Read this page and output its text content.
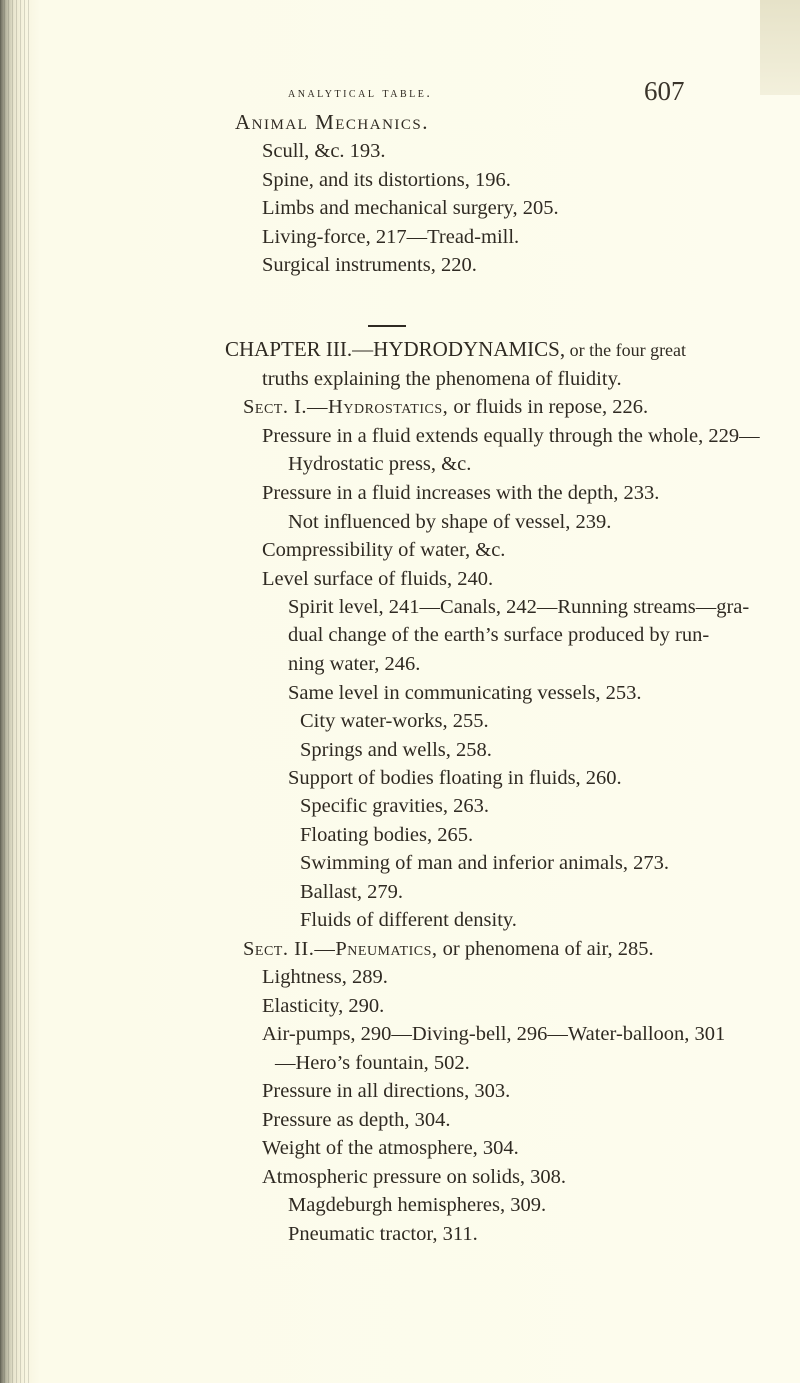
analytical table.	607
Animal Mechanics.
Scull, &c. 193.
Spine, and its distortions, 196.
Limbs and mechanical surgery, 205.
Living-force, 217—Tread-mill.
Surgical instruments, 220.
CHAPTER III.—HYDRODYNAMICS, or the four great
truths explaining the phenomena of fluidity.
Sect. I.—Hydrostatics, or fluids in repose, 226.
Pressure in a fluid extends equally through the whole, 229—
Hydrostatic press, &c.
Pressure in a fluid increases with the depth, 233.
Not influenced by shape of vessel, 239.
Compressibility of water, &c.
Level surface of fluids, 240.
Spirit level, 241—Canals, 242—Running streams—gra-
dual change of the earth’s surface produced by run-
ning water, 246.
Same level in communicating vessels, 253.
City water-works, 255.
Springs and wells, 258.
Support of bodies floating in fluids, 260.
Specific gravities, 263.
Floating bodies, 265.
Swimming of man and inferior animals, 273.
Ballast, 279.
Fluids of different density.
Sect. II.—Pneumatics, or phenomena of air, 285.
Lightness, 289.
Elasticity, 290.
Air-pumps, 290—Diving-bell, 296—Water-balloon, 301
—Hero’s fountain, 502.
Pressure in all directions, 303.
Pressure as depth, 304.
Weight of the atmosphere, 304.
Atmospheric pressure on solids, 308.
Magdeburgh hemispheres, 309.
Pneumatic tractor, 311.
